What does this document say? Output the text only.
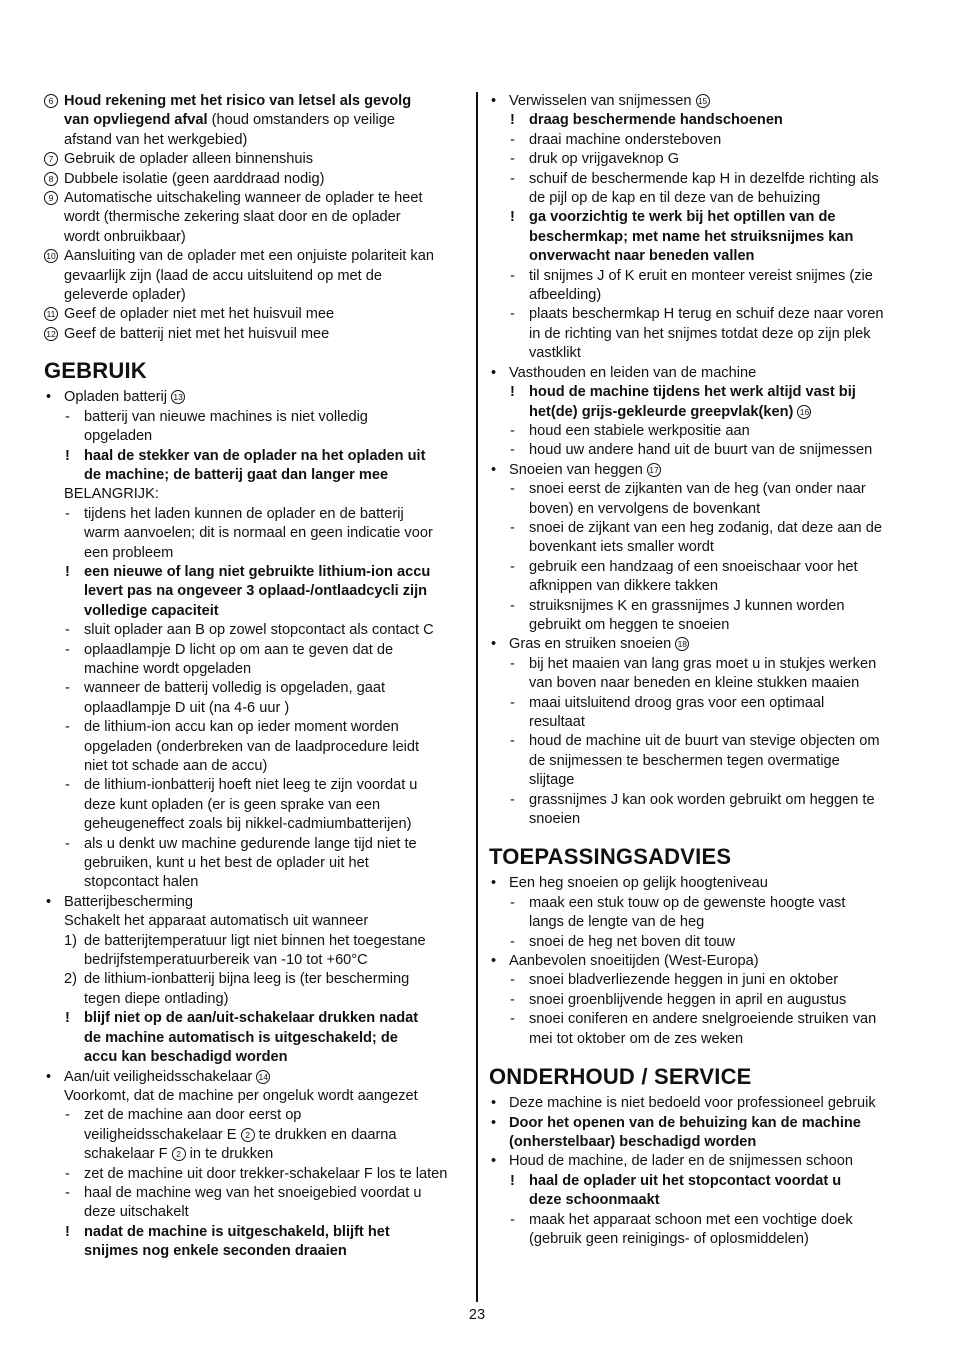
6 Houd rekening met het risico van letsel als gevolg
van opvliegend afval (houd omstanders op veilige
afstand van het werkgebied)
7 Gebruik de oplader alleen binnenshuis
8 Dubbele isolatie (geen aarddraad nodig)
9 Automatische uitschakeling wanneer de oplader te heet
wordt (thermische zekering slaat door en de oplader
wordt onbruikbaar)
10 Aansluiting van de oplader met een onjuiste polariteit kan
gevaarlijk zijn (laad de accu uitsluitend op met de
geleverde oplader)
11 Geef de oplader niet met het huisvuil mee
12 Geef de batterij niet met het huisvuil mee
GEBRUIK
• Opladen batterij 13
- batterij van nieuwe machines is niet volledig
opgeladen
! haal de stekker van de oplader na het opladen uit
de machine; de batterij gaat dan langer mee
BELANGRIJK:
- tijdens het laden kunnen de oplader en de batterij
warm aanvoelen; dit is normaal en geen indicatie voor
een probleem
! een nieuwe of lang niet gebruikte lithium-ion accu
levert pas na ongeveer 3 oplaad-/ontlaadcycli zijn
volledige capaciteit
- sluit oplader aan B op zowel stopcontact als contact C
- oplaadlampje D licht op om aan te geven dat de
machine wordt opgeladen
- wanneer de batterij volledig is opgeladen, gaat
oplaadlampje D uit (na 4-6 uur )
- de lithium-ion accu kan op ieder moment worden
opgeladen (onderbreken van de laadprocedure leidt
niet tot schade aan de accu)
- de lithium-ionbatterij hoeft niet leeg te zijn voordat u
deze kunt opladen (er is geen sprake van een
geheugeneffect zoals bij nikkel-cadmiumbatterijen)
- als u denkt uw machine gedurende lange tijd niet te
gebruiken, kunt u het best de oplader uit het
stopcontact halen
• Batterijbescherming
Schakelt het apparaat automatisch uit wanneer
1) de batterijtemperatuur ligt niet binnen het toegestane
bedrijfstemperatuurbereik van -10 tot +60°C
2) de lithium-ionbatterij bijna leeg is (ter bescherming
tegen diepe ontlading)
! blijf niet op de aan/uit-schakelaar drukken nadat
de machine automatisch is uitgeschakeld; de
accu kan beschadigd worden
• Aan/uit veiligheidsschakelaar 14
Voorkomt, dat de machine per ongeluk wordt aangezet
- zet de machine aan door eerst op
veiligheidsschakelaar E 2 te drukken en daarna
schakelaar F 2 in te drukken
- zet de machine uit door trekker-schakelaar F los te laten
- haal de machine weg van het snoeigebied voordat u
deze uitschakelt
! nadat de machine is uitgeschakeld, blijft het
snijmes nog enkele seconden draaien
• Verwisselen van snijmessen 15
! draag beschermende handschoenen
- draai machine ondersteboven
- druk op vrijgaveknop G
- schuif de beschermende kap H in dezelfde richting als
de pijl op de kap en til deze van de behuizing
! ga voorzichtig te werk bij het optillen van de
beschermkap; met name het struiksnijmes kan
onverwacht naar beneden vallen
- til snijmes J of K eruit en monteer vereist snijmes (zie
afbeelding)
- plaats beschermkap H terug en schuif deze naar voren
in de richting van het snijmes totdat deze op zijn plek
vastklikt
• Vasthouden en leiden van de machine
! houd de machine tijdens het werk altijd vast bij
het(de) grijs-gekleurde greepvlak(ken) 16
- houd een stabiele werkpositie aan
- houd uw andere hand uit de buurt van de snijmessen
• Snoeien van heggen 17
- snoei eerst de zijkanten van de heg (van onder naar
boven) en vervolgens de bovenkant
- snoei de zijkant van een heg zodanig, dat deze aan de
bovenkant iets smaller wordt
- gebruik een handzaag of een snoeischaar voor het
afknippen van dikkere takken
- struiksnijmes K en grassnijmes J kunnen worden
gebruikt om heggen te snoeien
• Gras en struiken snoeien 18
- bij het maaien van lang gras moet u in stukjes werken
van boven naar beneden en kleine stukken maaien
- maai uitsluitend droog gras voor een optimaal
resultaat
- houd de machine uit de buurt van stevige objecten om
de snijmessen te beschermen tegen overmatige
slijtage
- grassnijmes J kan ook worden gebruikt om heggen te
snoeien
TOEPASSINGSADVIES
• Een heg snoeien op gelijk hoogteniveau
- maak een stuk touw op de gewenste hoogte vast
langs de lengte van de heg
- snoei de heg net boven dit touw
• Aanbevolen snoeitijden (West-Europa)
- snoei bladverliezende heggen in juni en oktober
- snoei groenblijvende heggen in april en augustus
- snoei coniferen en andere snelgroeiende struiken van
mei tot oktober om de zes weken
ONDERHOUD / SERVICE
• Deze machine is niet bedoeld voor professioneel gebruik
• Door het openen van de behuizing kan de machine
(onherstelbaar) beschadigd worden
• Houd de machine, de lader en de snijmessen schoon
! haal de oplader uit het stopcontact voordat u
deze schoonmaakt
- maak het apparaat schoon met een vochtige doek
(gebruik geen reinigings- of oplosmiddelen)
23
